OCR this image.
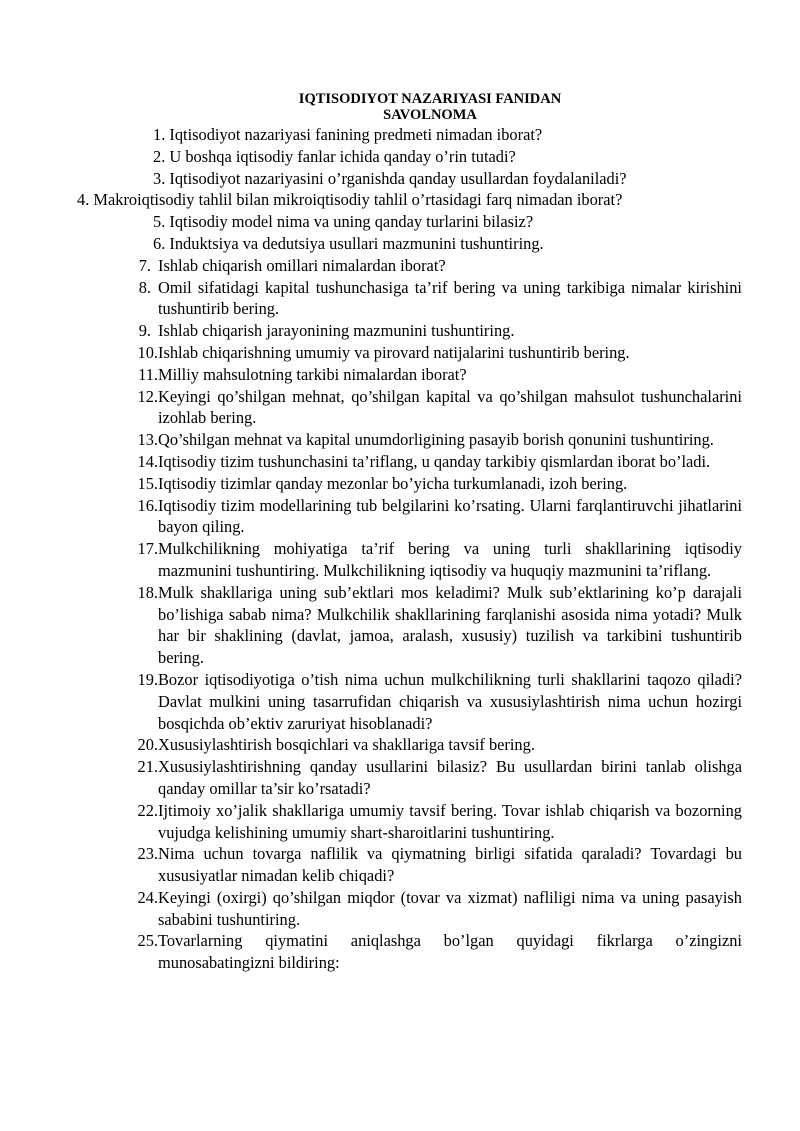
IQTISODIYOT NAZARIYASI FANIDAN
SAVOLNOMA
1. Iqtisodiyot nazariyasi fanining predmeti nimadan iborat?
2. U boshqa iqtisodiy fanlar ichida qanday o’rin tutadi?
3. Iqtisodiyot nazariyasini o’rganishda qanday usullardan foydalaniladi?
4. Makroiqtisodiy tahlil bilan mikroiqtisodiy tahlil o’rtasidagi farq nimadan iborat?
5. Iqtisodiy model nima va uning qanday turlarini bilasiz?
6. Induktsiya va dedutsiya usullari mazmunini tushuntiring.
7. Ishlab chiqarish omillari nimalardan iborat?
8. Omil sifatidagi kapital tushunchasiga ta’rif bering va uning tarkibiga nimalar kirishini tushuntirib bering.
9. Ishlab chiqarish jarayonining mazmunini tushuntiring.
10. Ishlab chiqarishning umumiy va pirovard natijalarini tushuntirib bering.
11. Milliy mahsulotning tarkibi nimalardan iborat?
12. Keyingi qo’shilgan mehnat, qo’shilgan kapital va qo’shilgan mahsulot tushunchalarini izohlab bering.
13. Qo’shilgan mehnat va kapital unumdorligining pasayib borish qonunini tushuntiring.
14. Iqtisodiy tizim tushunchasini ta’riflang, u qanday tarkibiy qismlardan iborat bo’ladi.
15. Iqtisodiy tizimlar qanday mezonlar bo’yicha turkumlanadi, izoh bering.
16. Iqtisodiy tizim modellarining tub belgilarini ko’rsating. Ularni farqlantiruvchi jihatlarini bayon qiling.
17. Mulkchilikning mohiyatiga ta’rif bering va uning turli shakllarining iqtisodiy mazmunini tushuntiring. Mulkchilikning iqtisodiy va huquqiy mazmunini ta’riflang.
18. Mulk shakllariga uning sub’ektlari mos keladimi? Mulk sub’ektlarining ko’p darajali bo’lishiga sabab nima? Mulkchilik shakllarining farqlanishi asosida nima yotadi? Mulk har bir shaklining (davlat, jamoa, aralash, xususiy) tuzilish va tarkibini tushuntirib bering.
19. Bozor iqtisodiyotiga o’tish nima uchun mulkchilikning turli shakllarini taqozo qiladi? Davlat mulkini uning tasarrufidan chiqarish va xususiylashtirish nima uchun hozirgi bosqichda ob’ektiv zaruriyat hisoblanadi?
20. Xususiylashtirish bosqichlari va shakllariga tavsif bering.
21. Xususiylashtirishning qanday usullarini bilasiz? Bu usullardan birini tanlab olishga qanday omillar ta’sir ko’rsatadi?
22. Ijtimoiy xo’jalik shakllariga umumiy tavsif bering. Tovar ishlab chiqarish va bozorning vujudga kelishining umumiy shart-sharoitlarini tushuntiring.
23. Nima uchun tovarga naflilik va qiymatning birligi sifatida qaraladi? Tovardagi bu xususiyatlar nimadan kelib chiqadi?
24. Keyingi (oxirgi) qo’shilgan miqdor (tovar va xizmat) nafliligi nima va uning pasayish sababini tushuntiring.
25. Tovarlarning qiymatini aniqlashga bo’lgan quyidagi fikrlarga o’zingizni munosabatingizni bildiring:
